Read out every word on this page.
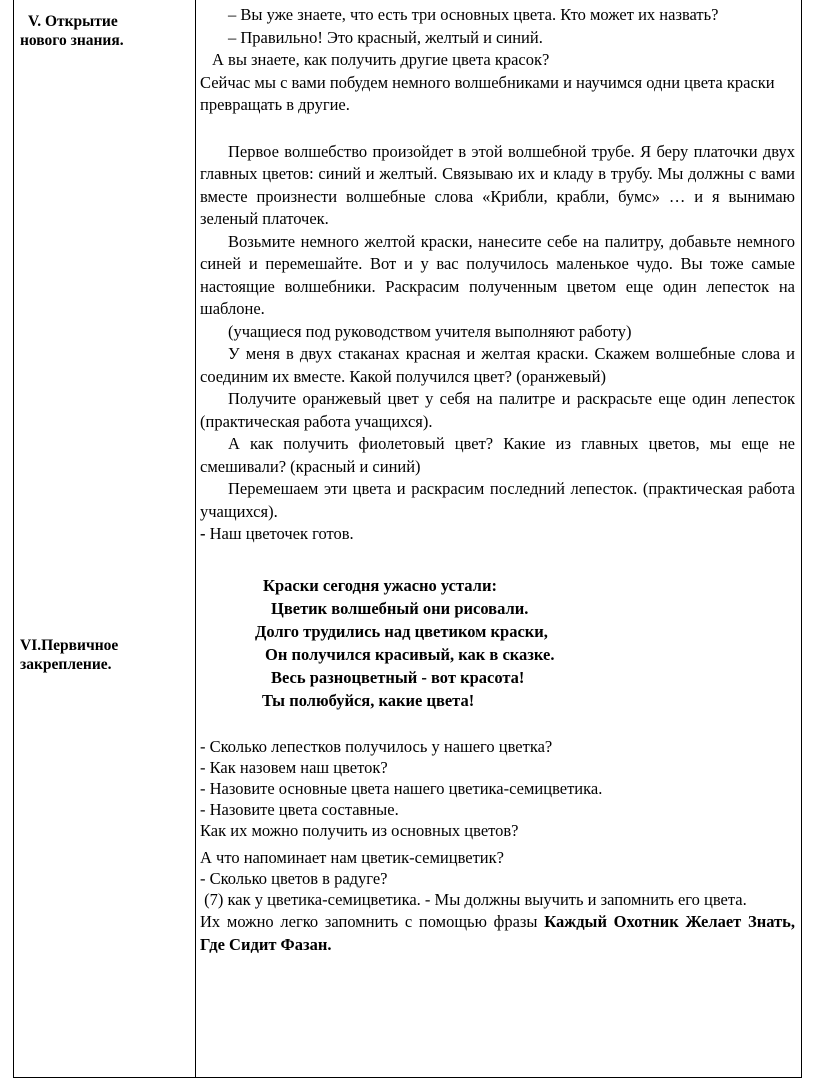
V. Открытие
нового знания.
VI.Первичное
закрепление.

– Вы уже знаете, что есть три основных цвета. Кто может их назвать?

– Правильно! Это красный, желтый и синий.

А вы знаете, как получить другие цвета красок?

Сейчас мы с вами побудем немного волшебниками и научимся одни цвета краски превращать в другие.

Первое волшебство произойдет в этой волшебной трубе. Я беру платочки двух главных цветов: синий и желтый. Связываю их и кладу в трубу. Мы должны с вами вместе произнести волшебные слова «Крибли, крабли, бумс» … и я вынимаю зеленый платочек.

Возьмите немного желтой краски, нанесите себе на палитру, добавьте немного синей и перемешайте. Вот и у вас получилось маленькое чудо. Вы тоже самые настоящие волшебники. Раскрасим полученным цветом еще один лепесток на шаблоне.

(учащиеся под руководством учителя выполняют работу)

У меня в двух стаканах красная и желтая краски. Скажем волшебные слова и соединим их вместе. Какой получился цвет? (оранжевый)

Получите оранжевый цвет у себя на палитре и раскрасьте еще один лепесток (практическая работа учащихся).

А как получить фиолетовый цвет? Какие из главных цветов, мы еще не смешивали? (красный и синий)

Перемешаем эти цвета и раскрасим последний лепесток. (практическая работа учащихся).

- Наш цветочек готов.

Краски сегодня ужасно устали:
Цветик волшебный они рисовали.
Долго трудились над цветиком краски,
Он получился красивый, как в сказке.
Весь разноцветный - вот красота!
Ты полюбуйся, какие цвета!

- Сколько лепестков получилось у нашего цветка?

- Как назовем наш цветок?

- Назовите основные цвета нашего цветика-семицветика.

- Назовите цвета составные.

Как их можно получить из основных цветов?

А что напоминает нам цветик-семицветик?

- Сколько цветов в радуге?

(7) как у цветика-семицветика. - Мы должны выучить и запомнить его цвета.

Их можно легко запомнить с помощью фразы Каждый Охотник Желает Знать, Где Сидит Фазан.
